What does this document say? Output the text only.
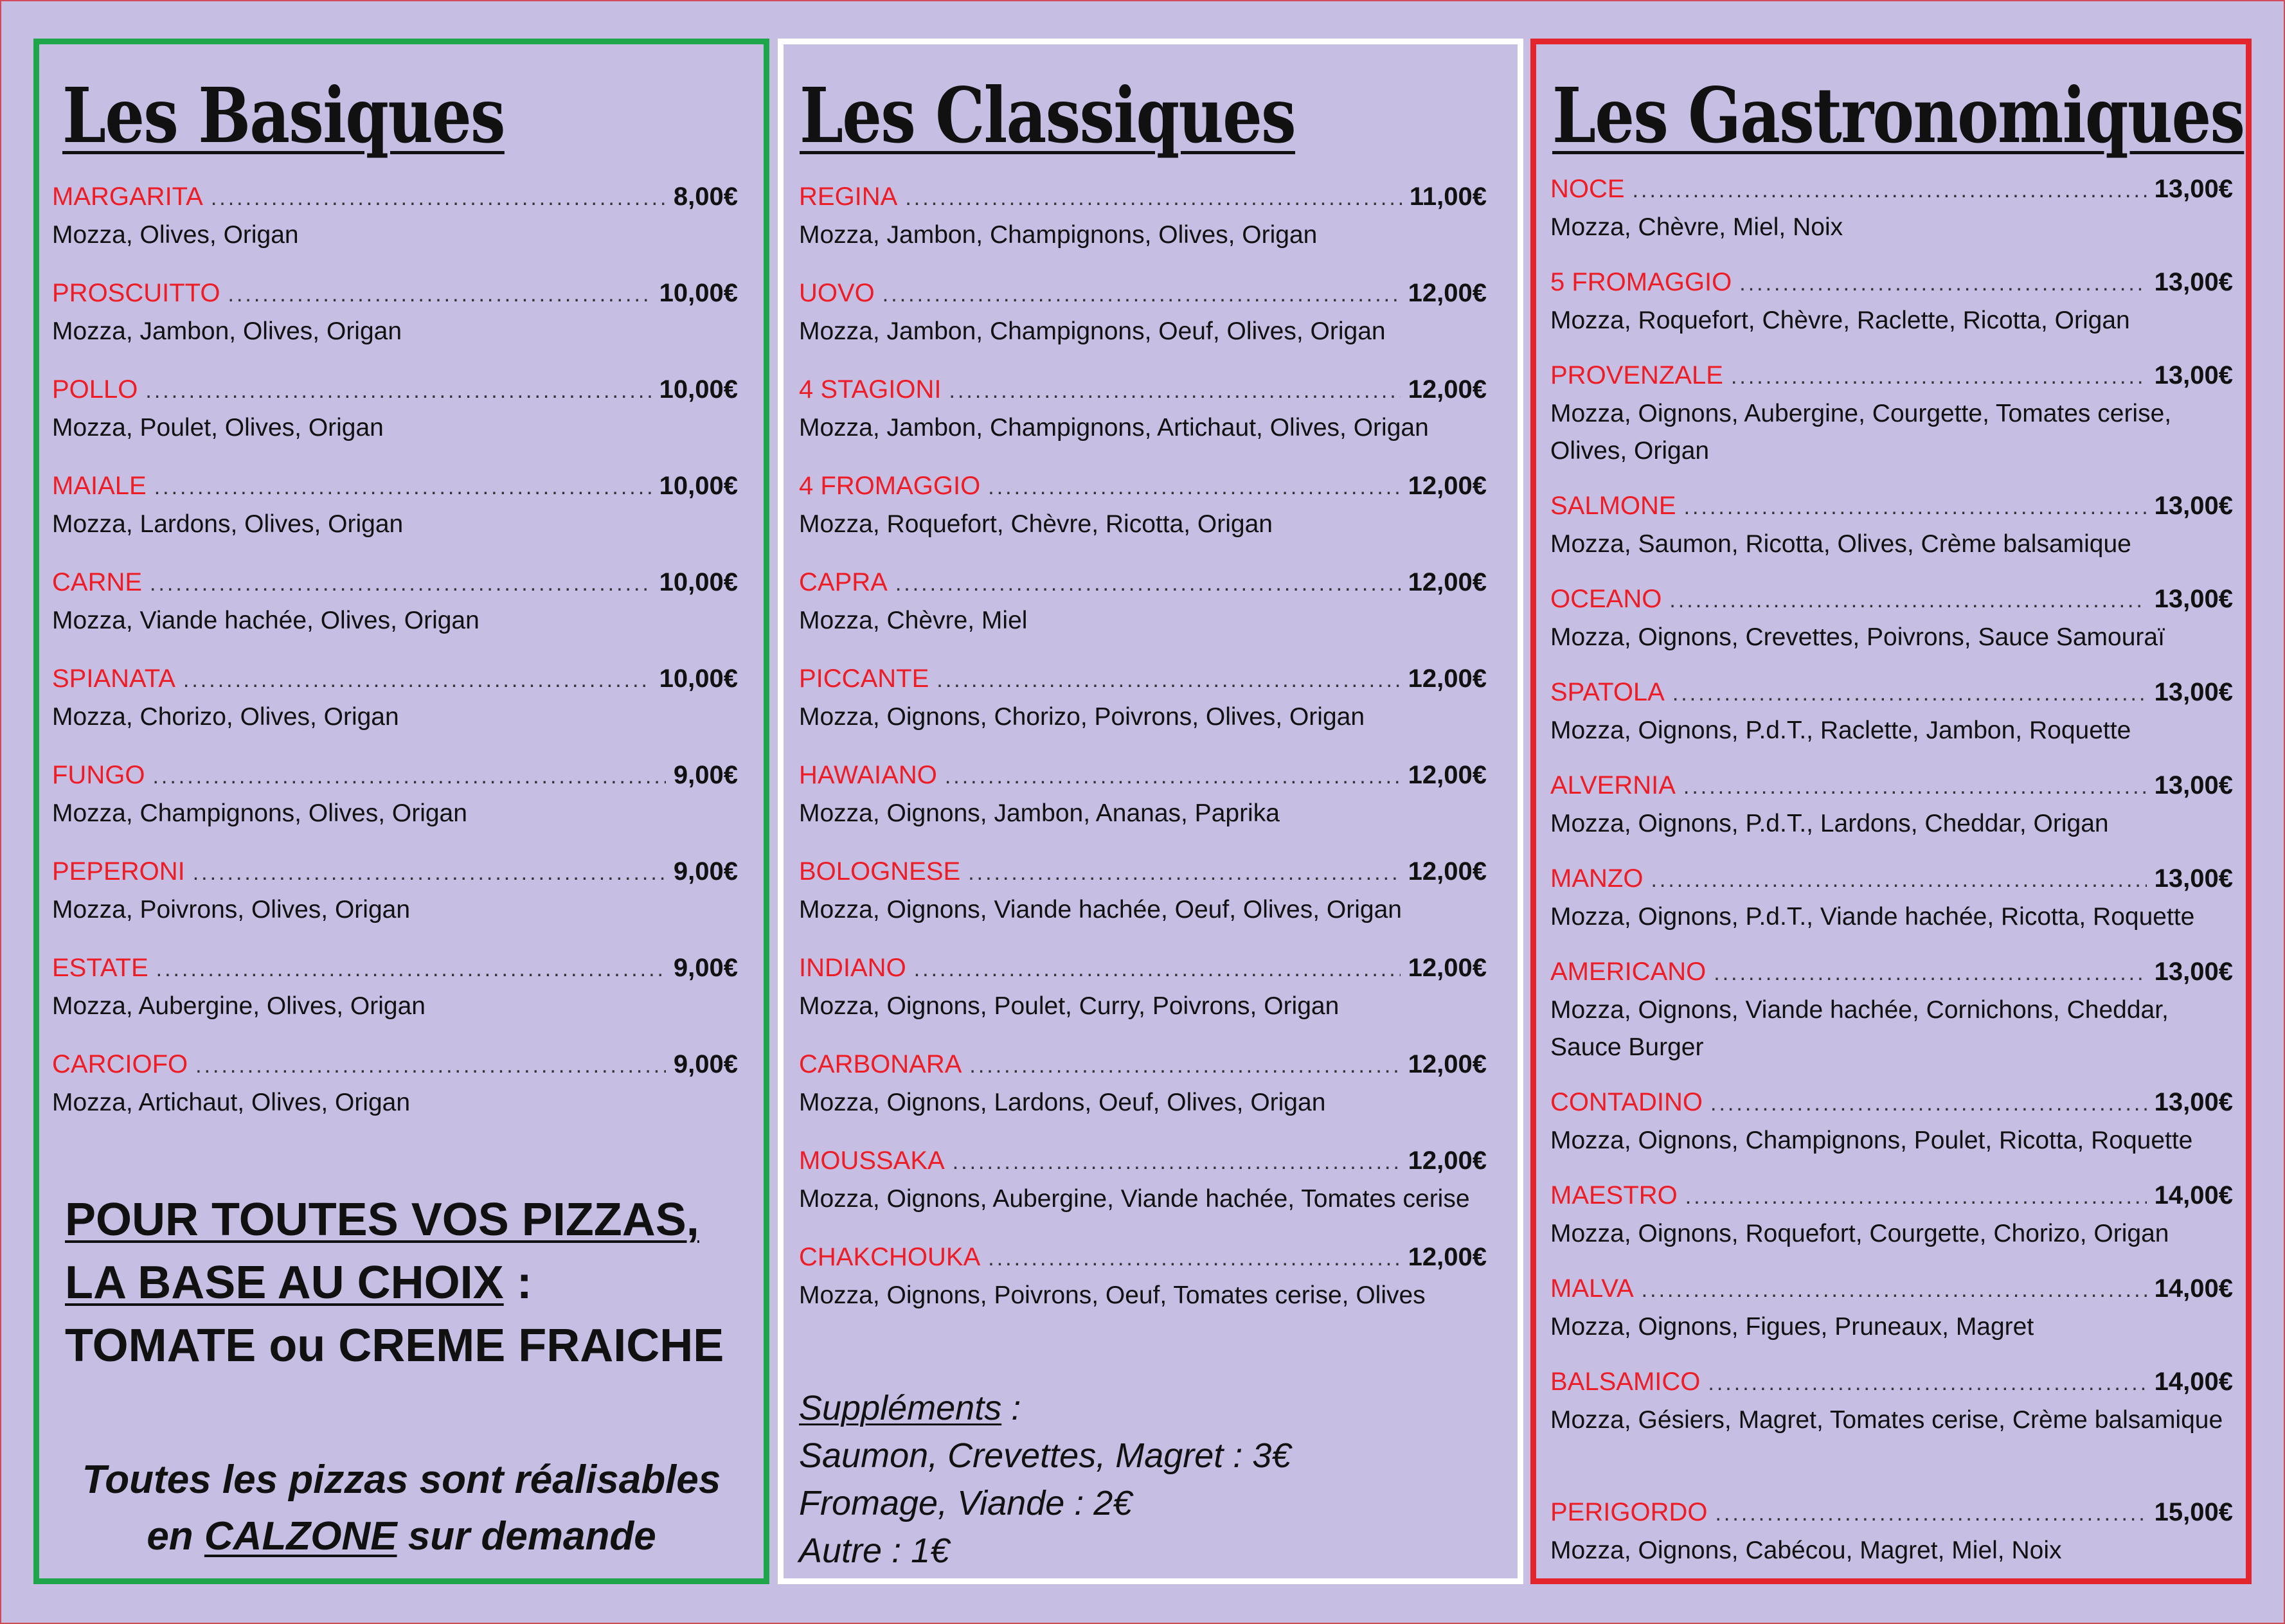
Les Basiques
MARGARITA .....	8,00€
Mozza, Olives, Origan
PROSCUITTO .....	10,00€
Mozza, Jambon, Olives, Origan
POLLO .....	10,00€
Mozza, Poulet, Olives, Origan
MAIALE .....	10,00€
Mozza, Lardons, Olives, Origan
CARNE .....	10,00€
Mozza, Viande hachée, Olives, Origan
SPIANATA .....	10,00€
Mozza, Chorizo, Olives, Origan
FUNGO .....	9,00€
Mozza, Champignons, Olives, Origan
PEPERONI .....	9,00€
Mozza, Poivrons, Olives, Origan
ESTATE .....	9,00€
Mozza, Aubergine, Olives, Origan
CARCIOFO .....	9,00€
Mozza, Artichaut, Olives, Origan
POUR TOUTES VOS PIZZAS,
LA BASE AU CHOIX :
TOMATE ou CREME FRAICHE
Toutes les pizzas sont réalisables
en CALZONE sur demande
Les Classiques
REGINA .....	11,00€
Mozza, Jambon, Champignons, Olives, Origan
UOVO .....	12,00€
Mozza, Jambon, Champignons, Oeuf, Olives, Origan
4 STAGIONI .....	12,00€
Mozza, Jambon, Champignons, Artichaut, Olives, Origan
4 FROMAGGIO .....	12,00€
Mozza, Roquefort, Chèvre, Ricotta, Origan
CAPRA .....	12,00€
Mozza, Chèvre, Miel
PICCANTE .....	12,00€
Mozza, Oignons, Chorizo, Poivrons, Olives, Origan
HAWAIANO .....	12,00€
Mozza, Oignons, Jambon, Ananas, Paprika
BOLOGNESE .....	12,00€
Mozza, Oignons, Viande hachée, Oeuf, Olives, Origan
INDIANO .....	12,00€
Mozza, Oignons, Poulet, Curry, Poivrons, Origan
CARBONARA .....	12,00€
Mozza, Oignons, Lardons, Oeuf, Olives, Origan
MOUSSAKA .....	12,00€
Mozza, Oignons, Aubergine, Viande hachée, Tomates cerise
CHAKCHOUKA .....	12,00€
Mozza, Oignons, Poivrons, Oeuf, Tomates cerise, Olives
Suppléments :
Saumon, Crevettes, Magret : 3€
Fromage, Viande : 2€
Autre : 1€
Les Gastronomiques
NOCE .....	13,00€
Mozza, Chèvre, Miel, Noix
5 FROMAGGIO .....	13,00€
Mozza, Roquefort, Chèvre, Raclette, Ricotta, Origan
PROVENZALE .....	13,00€
Mozza, Oignons, Aubergine, Courgette, Tomates cerise, Olives, Origan
SALMONE .....	13,00€
Mozza, Saumon, Ricotta, Olives, Crème balsamique
OCEANO .....	13,00€
Mozza, Oignons, Crevettes, Poivrons, Sauce Samouraï
SPATOLA .....	13,00€
Mozza, Oignons, P.d.T., Raclette, Jambon, Roquette
ALVERNIA .....	13,00€
Mozza, Oignons, P.d.T., Lardons, Cheddar, Origan
MANZO .....	13,00€
Mozza, Oignons, P.d.T., Viande hachée, Ricotta, Roquette
AMERICANO .....	13,00€
Mozza, Oignons, Viande hachée, Cornichons, Cheddar, Sauce Burger
CONTADINO .....	13,00€
Mozza, Oignons, Champignons, Poulet, Ricotta, Roquette
MAESTRO .....	14,00€
Mozza, Oignons, Roquefort, Courgette, Chorizo, Origan
MALVA .....	14,00€
Mozza, Oignons, Figues, Pruneaux, Magret
BALSAMICO .....	14,00€
Mozza, Gésiers, Magret, Tomates cerise, Crème balsamique
PERIGORDO .....	15,00€
Mozza, Oignons, Cabécou, Magret, Miel, Noix
